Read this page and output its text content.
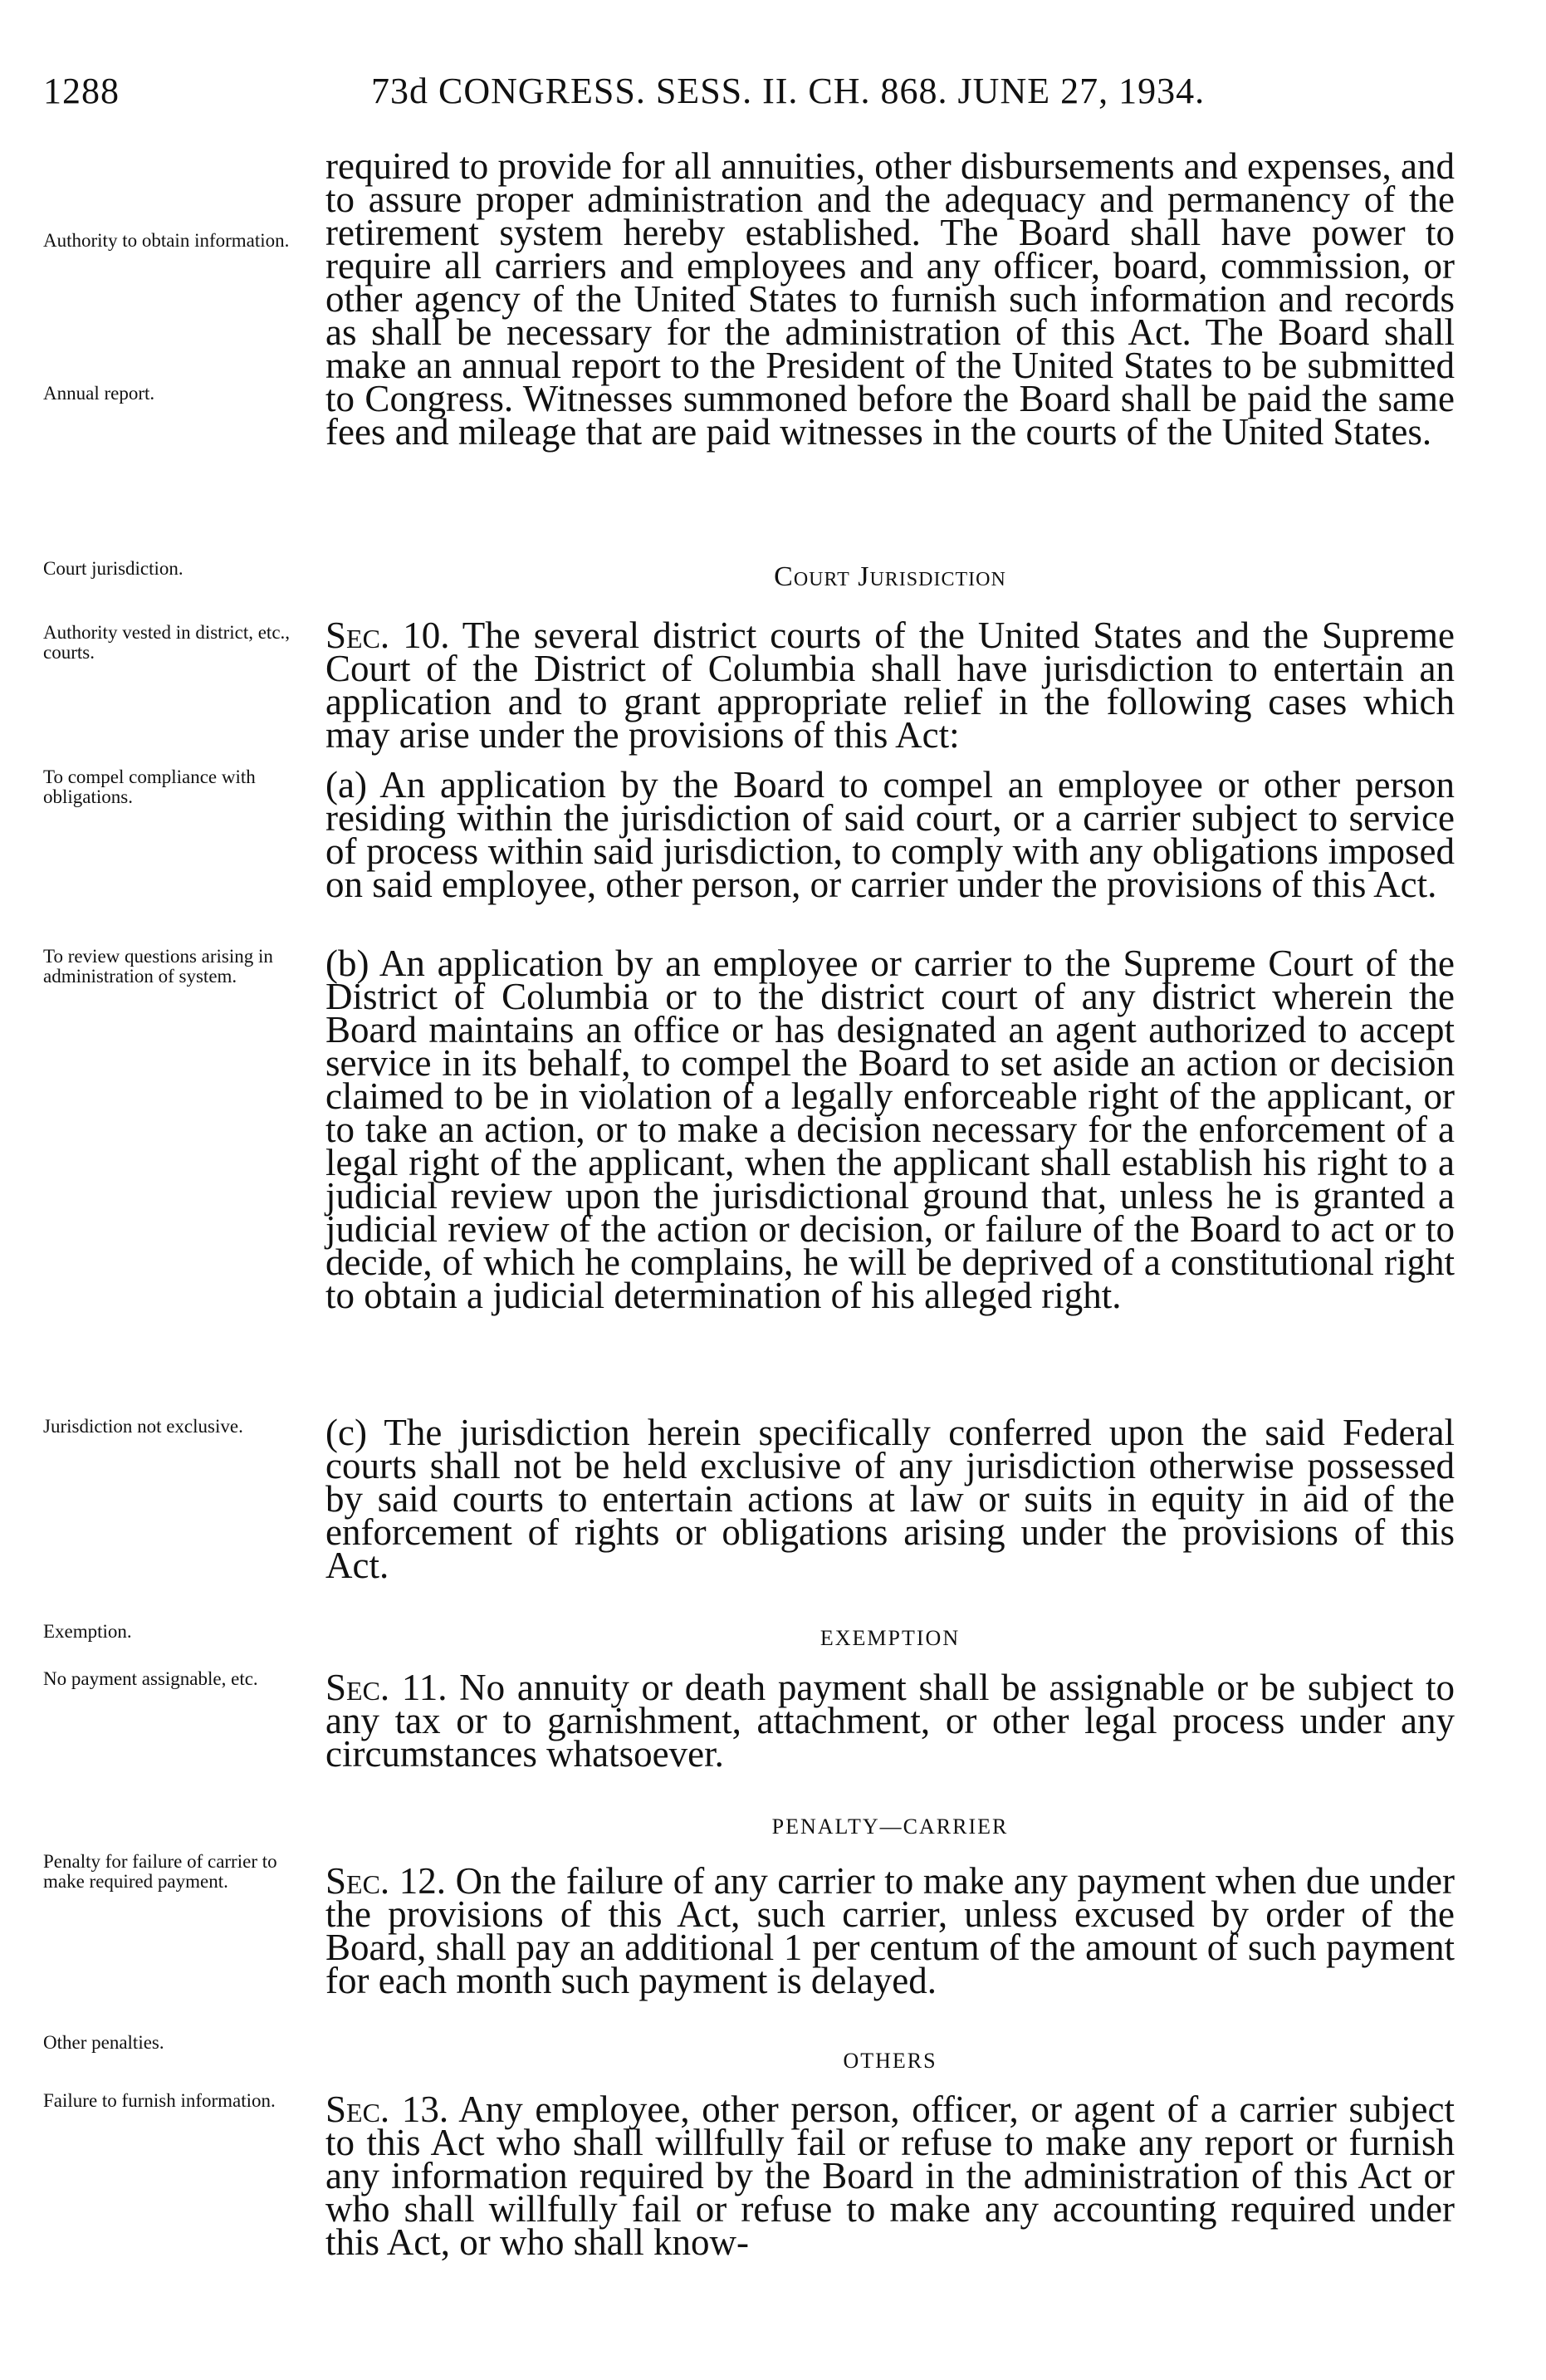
1288	73d CONGRESS. SESS. II. CH. 868. JUNE 27, 1934.
Authority to obtain information.
Annual report.
Court jurisdiction.
Authority vested in district, etc., courts.
To compel compliance with obligations.
To review questions arising in administration of system.
Jurisdiction not exclusive.
Exemption.
No payment assignable, etc.
Penalty for failure of carrier to make required payment.
Other penalties.
Failure to furnish information.
required to provide for all annuities, other disbursements and expenses, and to assure proper administration and the adequacy and permanency of the retirement system hereby established. The Board shall have power to require all carriers and employees and any officer, board, commission, or other agency of the United States to furnish such information and records as shall be necessary for the administration of this Act. The Board shall make an annual report to the President of the United States to be submitted to Congress. Witnesses summoned before the Board shall be paid the same fees and mileage that are paid witnesses in the courts of the United States.
Court Jurisdiction
Sec. 10. The several district courts of the United States and the Supreme Court of the District of Columbia shall have jurisdiction to entertain an application and to grant appropriate relief in the following cases which may arise under the provisions of this Act:
(a) An application by the Board to compel an employee or other person residing within the jurisdiction of said court, or a carrier subject to service of process within said jurisdiction, to comply with any obligations imposed on said employee, other person, or carrier under the provisions of this Act.
(b) An application by an employee or carrier to the Supreme Court of the District of Columbia or to the district court of any district wherein the Board maintains an office or has designated an agent authorized to accept service in its behalf, to compel the Board to set aside an action or decision claimed to be in violation of a legally enforceable right of the applicant, or to take an action, or to make a decision necessary for the enforcement of a legal right of the applicant, when the applicant shall establish his right to a judicial review upon the jurisdictional ground that, unless he is granted a judicial review of the action or decision, or failure of the Board to act or to decide, of which he complains, he will be deprived of a constitutional right to obtain a judicial determination of his alleged right.
(c) The jurisdiction herein specifically conferred upon the said Federal courts shall not be held exclusive of any jurisdiction otherwise possessed by said courts to entertain actions at law or suits in equity in aid of the enforcement of rights or obligations arising under the provisions of this Act.
EXEMPTION
Sec. 11. No annuity or death payment shall be assignable or be subject to any tax or to garnishment, attachment, or other legal process under any circumstances whatsoever.
PENALTY—CARRIER
Sec. 12. On the failure of any carrier to make any payment when due under the provisions of this Act, such carrier, unless excused by order of the Board, shall pay an additional 1 per centum of the amount of such payment for each month such payment is delayed.
OTHERS
Sec. 13. Any employee, other person, officer, or agent of a carrier subject to this Act who shall willfully fail or refuse to make any report or furnish any information required by the Board in the administration of this Act or who shall willfully fail or refuse to make any accounting required under this Act, or who shall know-
